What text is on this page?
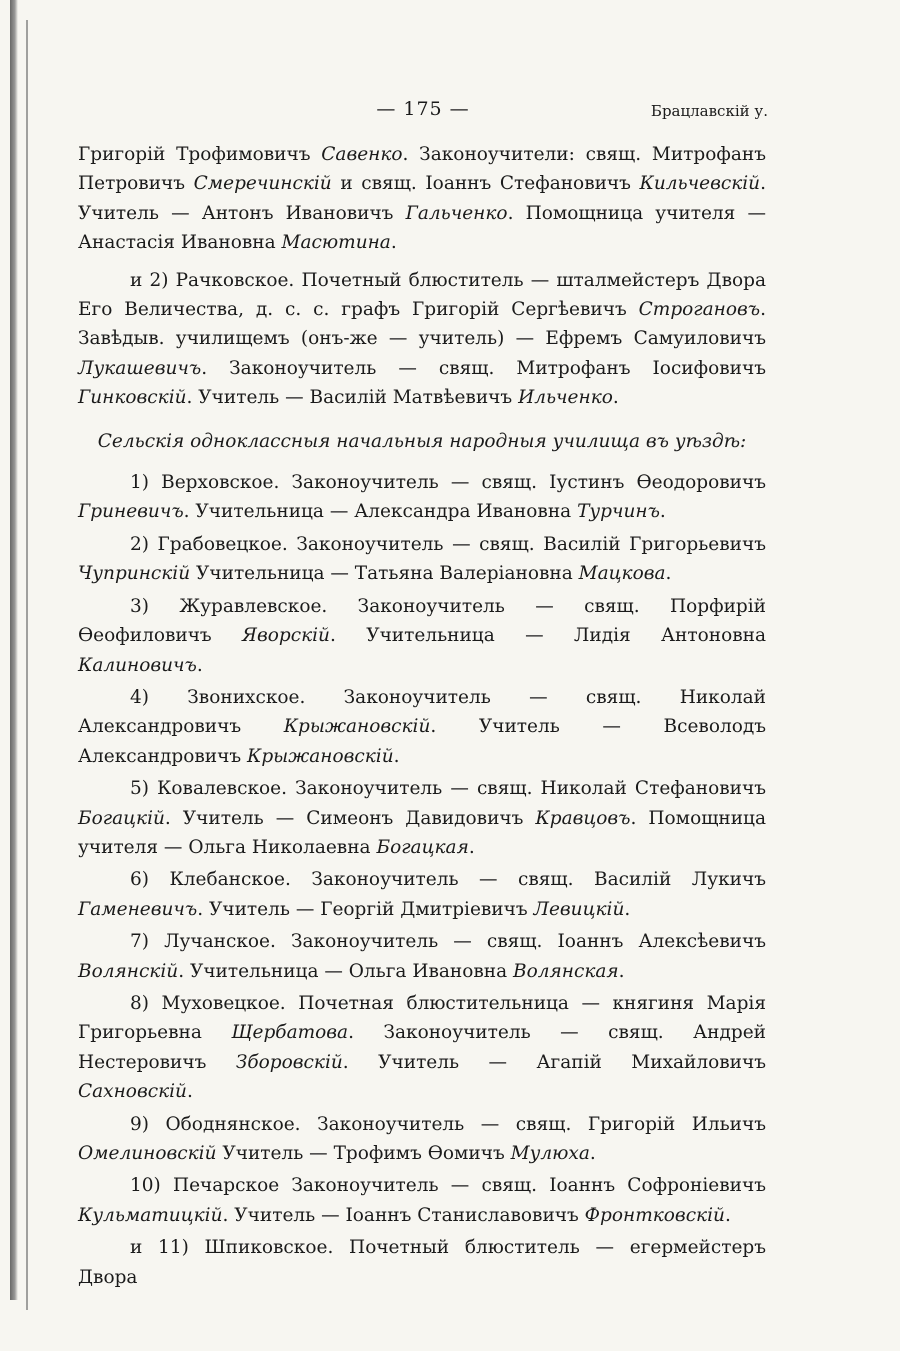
— 175 —	Брацлавскій у.

Григорій Трофимовичъ Савенко. Законоучители: свящ. Митрофанъ Петровичъ Смерeчинскій и свящ. Іоаннъ Стефановичъ Кильчевскій. Учитель — Антонъ Ивановичъ Гальченко. Помощница учителя — Анастасія Ивановна Масютина.

и 2) Рачковское. Почетный блюститель — шталмейстеръ Двора Его Величества, д. с. с. графъ Григорій Сергѣевичъ Строгановъ. Завѣдыв. училищемъ (онъ-же — учитель) — Ефремъ Самуиловичъ Лукашевичъ. Законоучитель — свящ. Митрофанъ Іосифовичъ Гинковскій. Учитель — Василій Матвѣевичъ Ильченко.

Сельскія одноклассныя начальныя народныя училища въ уѣздѣ:

1) Верховское. Законоучитель — свящ. Іустинъ Ѳеодоровичъ Гриневичъ. Учительница — Александра Ивановна Турчинъ.

2) Грабовецкое. Законоучитель — свящ. Василій Григорьевичъ Чупринскій Учительница — Татьяна Валеріановна Мацкова.

3) Журавлевское. Законоучитель — свящ. Порфирій Ѳеофиловичъ Яворскій. Учительница — Лидія Антоновна Калиновичъ.

4) Звонихское. Законоучитель — свящ. Николай Александровичъ Крыжановскій. Учитель — Всеволодъ Александровичъ Крыжановскій.

5) Ковалевское. Законоучитель — свящ. Николай Стефановичъ Богацкій. Учитель — Симеонъ Давидовичъ Кравцовъ. Помощница учителя — Ольга Николаевна Богацкая.

6) Клебанское. Законоучитель — свящ. Василій Лукичъ Гаменевичъ. Учитель — Георгій Дмитріевичъ Левицкій.

7) Лучанское. Законоучитель — свящ. Іоаннъ Алексѣевичъ Волянскій. Учительница — Ольга Ивановна Волянская.

8) Муховецкое. Почетная блюстительница — княгиня Марія Григорьевна Щербатова. Законоучитель — свящ. Андрей Нестеровичъ Зборовскій. Учитель — Агапій Михайловичъ Сахновскій.

9) Ободнянское. Законоучитель — свящ. Григорій Ильичъ Омелиновскій Учитель — Трофимъ Ѳомичъ Мулюха.

10) Печарское Законоучитель — свящ. Іоаннъ Софроніевичъ Кульматицкій. Учитель — Іоаннъ Станиславовичъ Фронтковскій.

и 11) Шпиковское. Почетный блюститель — егермейстеръ Двора
